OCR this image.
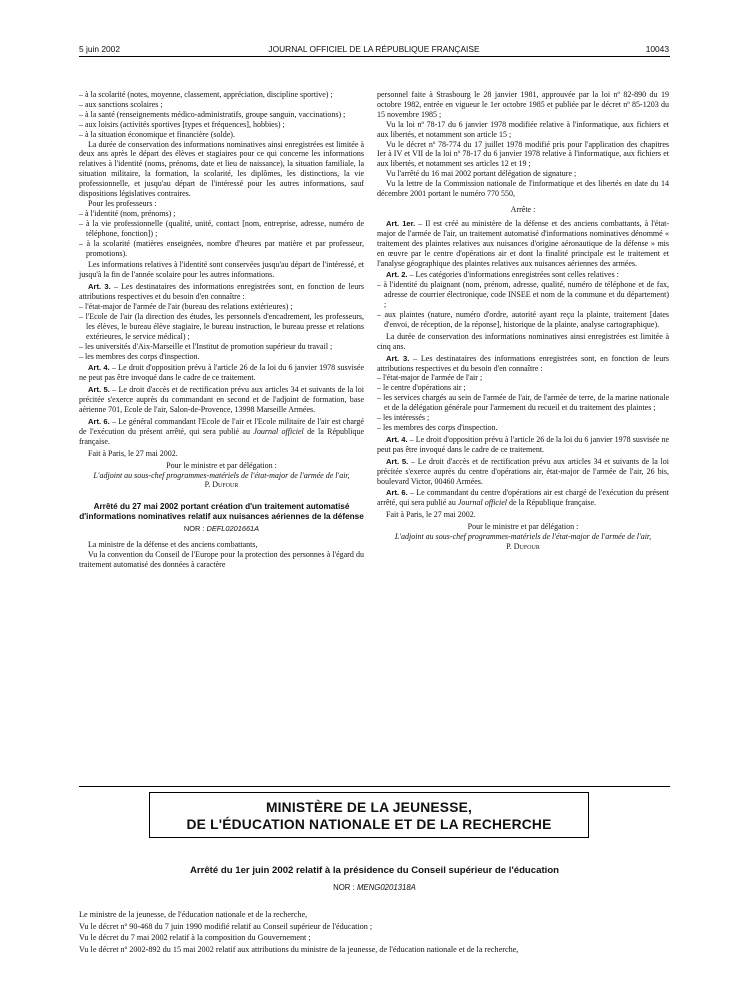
5 juin 2002	JOURNAL OFFICIEL DE LA RÉPUBLIQUE FRANÇAISE	10043

– à la scolarité (notes, moyenne, classement, appréciation, discipline sportive) ;

– aux sanctions scolaires ;

– à la santé (renseignements médico-administratifs, groupe sanguin, vaccinations) ;

– aux loisirs (activités sportives [types et fréquences], hobbies) ;

– à la situation économique et financière (solde).

La durée de conservation des informations nominatives ainsi enregistrées est limitée à deux ans après le départ des élèves et stagiaires pour ce qui concerne les informations relatives à l'identité (noms, prénoms, date et lieu de naissance), la situation familiale, la situation militaire, la formation, la scolarité, les diplômes, les distinctions, la vie professionnelle, et jusqu'au départ de l'intéressé pour les autres informations, sauf dispositions législatives contraires.

Pour les professeurs :

– à l'identité (nom, prénoms) ;

– à la vie professionnelle (qualité, unité, contact [nom, entreprise, adresse, numéro de téléphone, fonction]) ;

– à la scolarité (matières enseignées, nombre d'heures par matière et par professeur, promotions).

Les informations relatives à l'identité sont conservées jusqu'au départ de l'intéressé, et jusqu'à la fin de l'année scolaire pour les autres informations.

Art. 3. – Les destinataires des informations enregistrées sont, en fonction de leurs attributions respectives et du besoin d'en connaître :

– l'état-major de l'armée de l'air (bureau des relations extérieures) ;

– l'Ecole de l'air (la direction des études, les personnels d'encadrement, les professeurs, les élèves, le bureau élève stagiaire, le bureau instruction, le bureau presse et relations extérieures, le service médical) ;

– les universités d'Aix-Marseille et l'Institut de promotion supérieur du travail ;

– les membres des corps d'inspection.

Art. 4. – Le droit d'opposition prévu à l'article 26 de la loi du 6 janvier 1978 susvisée ne peut pas être invoqué dans le cadre de ce traitement.

Art. 5. – Le droit d'accès et de rectification prévu aux articles 34 et suivants de la loi précitée s'exerce auprès du commandant en second et de l'adjoint de formation, base aérienne 701, Ecole de l'air, Salon-de-Provence, 13998 Marseille Armées.

Art. 6. – Le général commandant l'Ecole de l'air et l'Ecole militaire de l'air est chargé de l'exécution du présent arrêté, qui sera publié au Journal officiel de la République française.

Fait à Paris, le 27 mai 2002.

Pour le ministre et par délégation :

L'adjoint au sous-chef programmes-matériels de l'état-major de l'armée de l'air,

P. Dufour

Arrêté du 27 mai 2002 portant création d'un traitement automatisé d'informations nominatives relatif aux nuisances aériennes de la défense

NOR : DEFL0201661A

La ministre de la défense et des anciens combattants,

Vu la convention du Conseil de l'Europe pour la protection des personnes à l'égard du traitement automatisé des données à caractère

personnel faite à Strasbourg le 28 janvier 1981, approuvée par la loi nº 82-890 du 19 octobre 1982, entrée en vigueur le 1er octobre 1985 et publiée par le décret nº 85-1203 du 15 novembre 1985 ;

Vu la loi nº 78-17 du 6 janvier 1978 modifiée relative à l'informatique, aux fichiers et aux libertés, et notamment son article 15 ;

Vu le décret nº 78-774 du 17 juillet 1978 modifié pris pour l'application des chapitres Ier à IV et VII de la loi nº 78-17 du 6 janvier 1978 relative à l'informatique, aux fichiers et aux libertés, et notamment ses articles 12 et 19 ;

Vu l'arrêté du 16 mai 2002 portant délégation de signature ;

Vu la lettre de la Commission nationale de l'informatique et des libertés en date du 14 décembre 2001 portant le numéro 770 550,

Arrête :

Art. 1er. – Il est créé au ministère de la défense et des anciens combattants, à l'état-major de l'armée de l'air, un traitement automatisé d'informations nominatives dénommé « traitement des plaintes relatives aux nuisances d'origine aéronautique de la défense » mis en œuvre par le centre d'opérations air et dont la finalité principale est le traitement et l'analyse géographique des plaintes relatives aux nuisances aériennes des armées.

Art. 2. – Les catégories d'informations enregistrées sont celles relatives :

– à l'identité du plaignant (nom, prénom, adresse, qualité, numéro de téléphone et de fax, adresse de courrier électronique, code INSEE et nom de la commune et du département) ;

– aux plaintes (nature, numéro d'ordre, autorité ayant reçu la plainte, traitement [dates d'envoi, de réception, de la réponse], historique de la plainte, analyse cartographique).

La durée de conservation des informations nominatives ainsi enregistrées est limitée à cinq ans.

Art. 3. – Les destinataires des informations enregistrées sont, en fonction de leurs attributions respectives et du besoin d'en connaître :

– l'état-major de l'armée de l'air ;

– le centre d'opérations air ;

– les services chargés au sein de l'armée de l'air, de l'armée de terre, de la marine nationale et de la délégation générale pour l'armement du recueil et du traitement des plaintes ;

– les intéressés ;

– les membres des corps d'inspection.

Art. 4. – Le droit d'opposition prévu à l'article 26 de la loi du 6 janvier 1978 susvisée ne peut pas être invoqué dans le cadre de ce traitement.

Art. 5. – Le droit d'accès et de rectification prévu aux articles 34 et suivants de la loi précitée s'exerce auprès du centre d'opérations air, état-major de l'armée de l'air, 26 bis, boulevard Victor, 00460 Armées.

Art. 6. – Le commandant du centre d'opérations air est chargé de l'exécution du présent arrêté, qui sera publié au Journal officiel de la République française.

Fait à Paris, le 27 mai 2002.

Pour le ministre et par délégation :

L'adjoint au sous-chef programmes-matériels de l'état-major de l'armée de l'air,

P. Dufour

MINISTÈRE DE LA JEUNESSE,
DE L'ÉDUCATION NATIONALE ET DE LA RECHERCHE
Arrêté du 1er juin 2002 relatif à la présidence du Conseil supérieur de l'éducation
NOR : MENG0201318A

Le ministre de la jeunesse, de l'éducation nationale et de la recherche,

Vu le décret nº 90-468 du 7 juin 1990 modifié relatif au Conseil supérieur de l'éducation ;

Vu le décret du 7 mai 2002 relatif à la composition du Gouvernement ;

Vu le décret nº 2002-892 du 15 mai 2002 relatif aux attributions du ministre de la jeunesse, de l'éducation nationale et de la recherche,
